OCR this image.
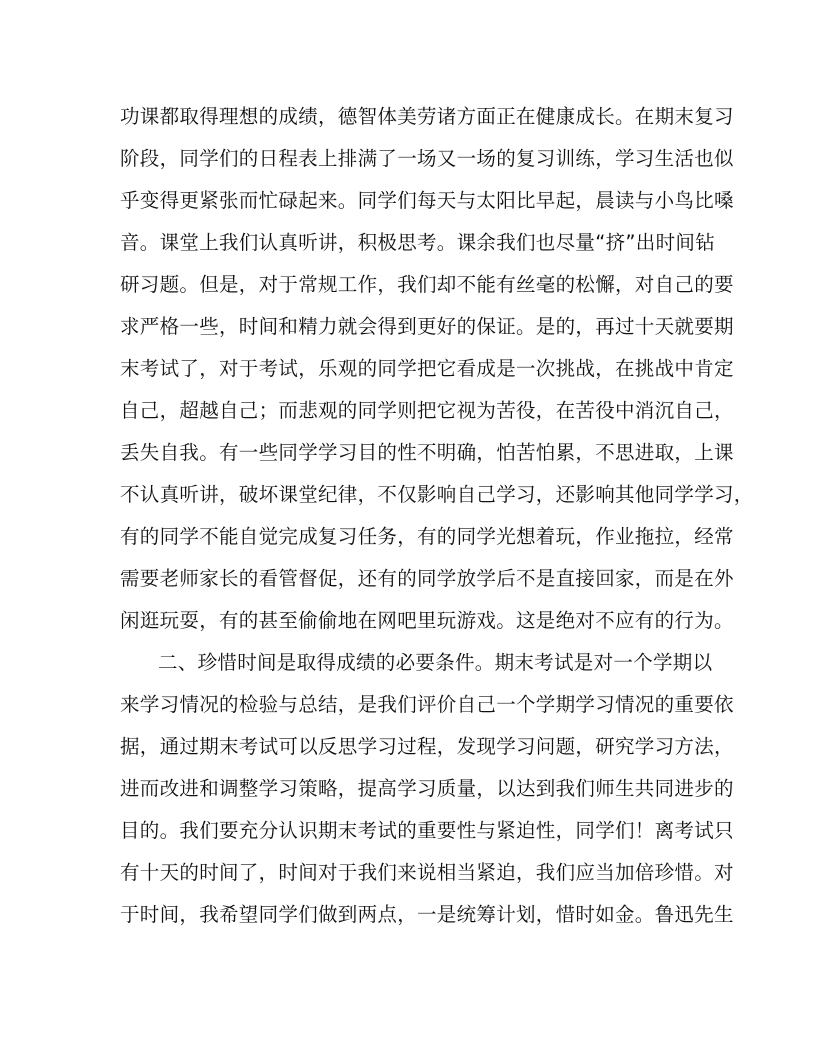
功课都取得理想的成绩，德智体美劳诸方面正在健康成长。在期末复习
阶段，同学们的日程表上排满了一场又一场的复习训练，学习生活也似
乎变得更紧张而忙碌起来。同学们每天与太阳比早起，晨读与小鸟比嗓
音。课堂上我们认真听讲，积极思考。课余我们也尽量“挤”出时间钻
研习题。但是，对于常规工作，我们却不能有丝毫的松懈，对自己的要
求严格一些，时间和精力就会得到更好的保证。是的，再过十天就要期
末考试了，对于考试，乐观的同学把它看成是一次挑战，在挑战中肯定
自己，超越自己；而悲观的同学则把它视为苦役，在苦役中消沉自己，
丢失自我。有一些同学学习目的性不明确，怕苦怕累，不思进取，上课
不认真听讲，破坏课堂纪律，不仅影响自己学习，还影响其他同学学习，
有的同学不能自觉完成复习任务，有的同学光想着玩，作业拖拉，经常
需要老师家长的看管督促，还有的同学放学后不是直接回家，而是在外
闲逛玩耍，有的甚至偷偷地在网吧里玩游戏。这是绝对不应有的行为。
二、珍惜时间是取得成绩的必要条件。期末考试是对一个学期以
来学习情况的检验与总结，是我们评价自己一个学期学习情况的重要依
据，通过期末考试可以反思学习过程，发现学习问题，研究学习方法，
进而改进和调整学习策略，提高学习质量，以达到我们师生共同进步的
目的。我们要充分认识期末考试的重要性与紧迫性，同学们！离考试只
有十天的时间了，时间对于我们来说相当紧迫，我们应当加倍珍惜。对
于时间，我希望同学们做到两点，一是统筹计划，惜时如金。鲁迅先生
